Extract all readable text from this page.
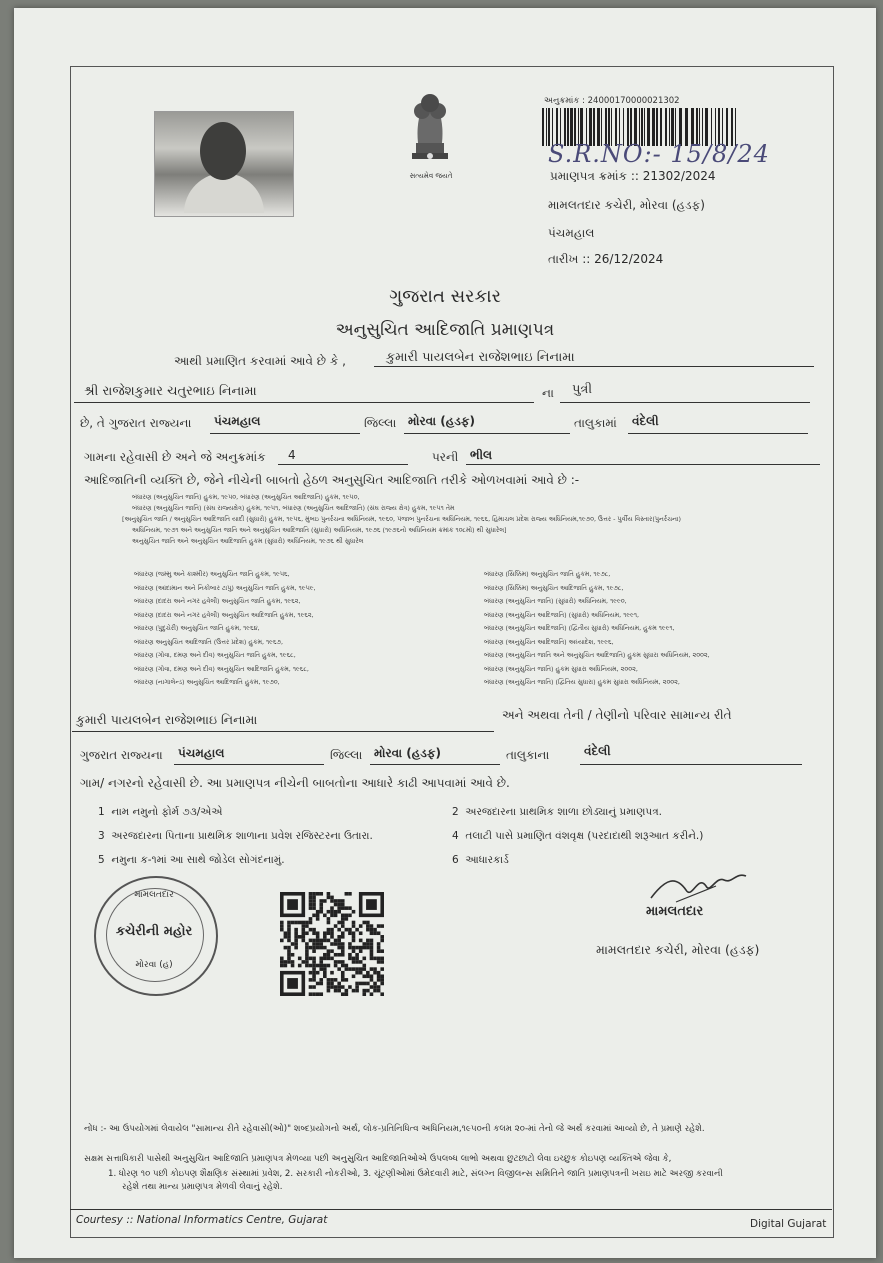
સત્યમેવ જયતે
અનુક્રમાંક : 24000170000021302
S.R.NO:- 15/8/24
પ્રમાણપત્ર ક્રમાંક :: 21302/2024
મામલતદાર કચેરી, મોરવા (હડફ)
પંચમહાલ
તારીખ :: 26/12/2024
ગુજરાત સરકાર
અનુસુચિત આદિજાતિ પ્રમાણપત્ર
આથી પ્રમાણિત કરવામાં આવે છે કે ,	કુમારી પાયલબેન રાજેશભાઇ નિનામા
શ્રી રાજેશકુમાર ચતુરભાઇ નિનામા	ના પુત્રી
છે, તે ગુજરાત રાજ્યના પંચમહાલ	જિલ્લા મોરવા (હડફ)	તાલુકામાં વંદેલી
ગામના રહેવાસી છે અને જે અનુક્રમાંક 4	પરની ભીલ
આદિજાતિની વ્યક્તિ છે, જેને નીચેની બાબતો હેઠળ અનુસુચિત આદિજાતિ તરીકે ઓળખવામાં આવે છે :-
બંધારણ (અનુસુચિત જાતિ) હુકમ, ૧૯૫૦, બંધારણ (અનુસુચિત આદિજાતિ) હુકમ, ૧૯૫૦,
બંધારણ (અનુસુચિત જાતિ) (સંઘ રાજ્યક્ષેત્ર) હુકમ, ૧૯૫૧, બંધારણ (અનુસુચિત આદિજાતિ) (સંઘ રાજ્ય ક્ષેત્ર) હુકમ, ૧૯૫૧ તેમ
[અનુસુચિત જાતિ / અનુસુચિત આદિજાતિ યાદી (સુધારો) હુકમ, ૧૯૫૬, મુંબઇ પુનર્રચના અધિનિયમ, ૧૯૬૦, પંજાબ પુનર્રચના અધિનિયમ, ૧૯૬૬, હિમાચલ પ્રદેશ રાજ્ય અધિનિયમ,૧૯૭૦, ઉત્તર - પુર્વીય વિસ્તાર(પુનર્રચના)
અધિનિયમ, ૧૯૭૧ અને અનુસુચિત જાતિ અને અનુસુચિત આદિજાતિ (સુધારો) અધિનિયમ, ૧૯૭૬ (૧૯૭૬નો અધિનિયમ ક્રમાંક ૧૦૮મો) થી સુધારેલ]
અનુસુચિત જાતિ અને અનુસુચિત આદિજાતિ હુકમ (સુધારો) અધિનિયમ, ૧૯૭૬ થી સુધારેલ
બંધારણ (જમ્મુ અને કાશ્મીર) અનુસુચિત જાતિ હુકમ, ૧૯૫૬,
બંધારણ (આંદામાન અને નિકોબાર ટાપુ) અનુસુચિત જાતિ હુકમ, ૧૯૫૯,
બંધારણ (દાદરા અને નગર હવેલી) અનુસુચિત જાતિ હુકમ, ૧૯૬૨,
બંધારણ (દાદરા અને નગર હવેલી) અનુસુચિત આદિજાતિ હુકમ, ૧૯૬૨,
બંધારણ (પુદુચેરી) અનુસુચિત જાતિ હુકમ, ૧૯૬૪,
બંધારણ અનુસુચિત આદિજાતિ (ઉત્તર પ્રદેશ) હુકમ, ૧૯૬૭,
બંધારણ (ગોવા, દમણ અને દીવ) અનુસુચિત જાતિ હુકમ, ૧૯૬૮,
બંધારણ (ગોવા, દમણ અને દીવ) અનુસુચિત આદિજાતિ હુકમ, ૧૯૬૮,
બંધારણ (નાગાલેન્ડ) અનુસુચિત આદિજાતિ હુકમ, ૧૯૭૦,
બંધારણ (સિક્કિમ) અનુસુચિત જાતિ હુકમ, ૧૯૭૮,
બંધારણ (સિક્કિમ) અનુસુચિત આદિજાતિ હુકમ, ૧૯૭૮,
બંધારણ (અનુસુચિત જાતિ) (સુધારો) અધિનિયમ, ૧૯૯૦,
બંધારણ (અનુસુચિત આદિજાતિ) (સુધારો) અધિનિયમ, ૧૯૯૧,
બંધારણ (અનુસુચિત આદિજાતિ) (દ્વિતીય સુધારો) અધિનિયમ, હુકમ ૧૯૯૧,
બંધારણ (અનુસુચિત આદિજાતિ) અધ્યાદેશ, ૧૯૯૬,
બંધારણ (અનુસુચિત જાતિ અને અનુસુચિત આદિજાતિ) હુકમ સુધારા અધિનિયમ, ૨૦૦૨,
બંધારણ (અનુસુચિત જાતિ) હુકમ સુધારા અધિનિયમ, ૨૦૦૨,
બંધારણ (અનુસુચિત જાતિ) (દ્વિતિય સુધારા) હુકમ સુધારા અધિનિયમ, ૨૦૦૨,
કુમારી પાયલબેન રાજેશભાઇ નિનામા	અને અથવા તેની / તેણીનો પરિવાર સામાન્ય રીતે
ગુજરાત રાજ્યના પંચમહાલ	જિલ્લા મોરવા (હડફ)	તાલુકાના	વંદેલી
ગામ/ નગરનો રહેવાસી છે. આ પ્રમાણપત્ર નીચેની બાબતોના આધારે કાઢી આપવામાં આવે છે.
1 નામ નમુનો ફોર્મ ૭૩/એએ	2 અરજદારના પ્રાથમિક શાળા છોડ્યાનું પ્રમાણપત્ર.
3 અરજદારના પિતાના પ્રાથમિક શાળાના પ્રવેશ રજિસ્ટરના ઉતારા.	4 તલાટી પાસે પ્રમાણિત વંશવૃક્ષ (પરદાદાથી શરૂઆત કરીને.)
5 નમુના ક-૧માં આ સાથે જોડેલ સોગંદનામું.	6 આધારકાર્ડ
મામલતદાર
કચેરીની મહોર
મોરવા (હ)
મામલતદાર
મામલતદાર કચેરી, મોરવા (હડફ)
નોંધ :- આ ઉપયોગમાં લેવાયેલ "સામાન્ય રીતે રહેવાસી(ઓ)" શબ્દપ્રયોગનો અર્થ, લોક-પ્રતિનિધિત્વ અધિનિયમ,૧૯૫૦ની કલમ ૨૦-માં તેનો જે અર્થ કરવામાં આવ્યો છે, તે પ્રમાણે રહેશે.
સક્ષમ સત્તાધિકારી પાસેથી અનુસુચિત આદિજાતિ પ્રમાણપત્ર મેળવ્યા પછી અનુસુચિત આદિજાતિઓએ ઉપલબ્ધ લાભો અથવા છુટછાટો લેવા ઇચ્છુક કોઇપણ વ્યક્તિએ જેવા કે,
1. ધોરણ ૧૦ પછી કોઇપણ શૈક્ષણિક સંસ્થામાં પ્રવેશ, 2. સરકારી નોકરીઓ, 3. ચૂંટણીઓમાં ઉમેદવારી માટે, સંલગ્ન વિજીલન્સ સમિતિને જાતિ પ્રમાણપત્રની ખરાઇ માટે અરજી કરવાની
રહેશે તથા માન્ય પ્રમાણપત્ર મેળવી લેવાનું રહેશે.
Courtesy :: National Informatics Centre, Gujarat	Digital Gujarat
